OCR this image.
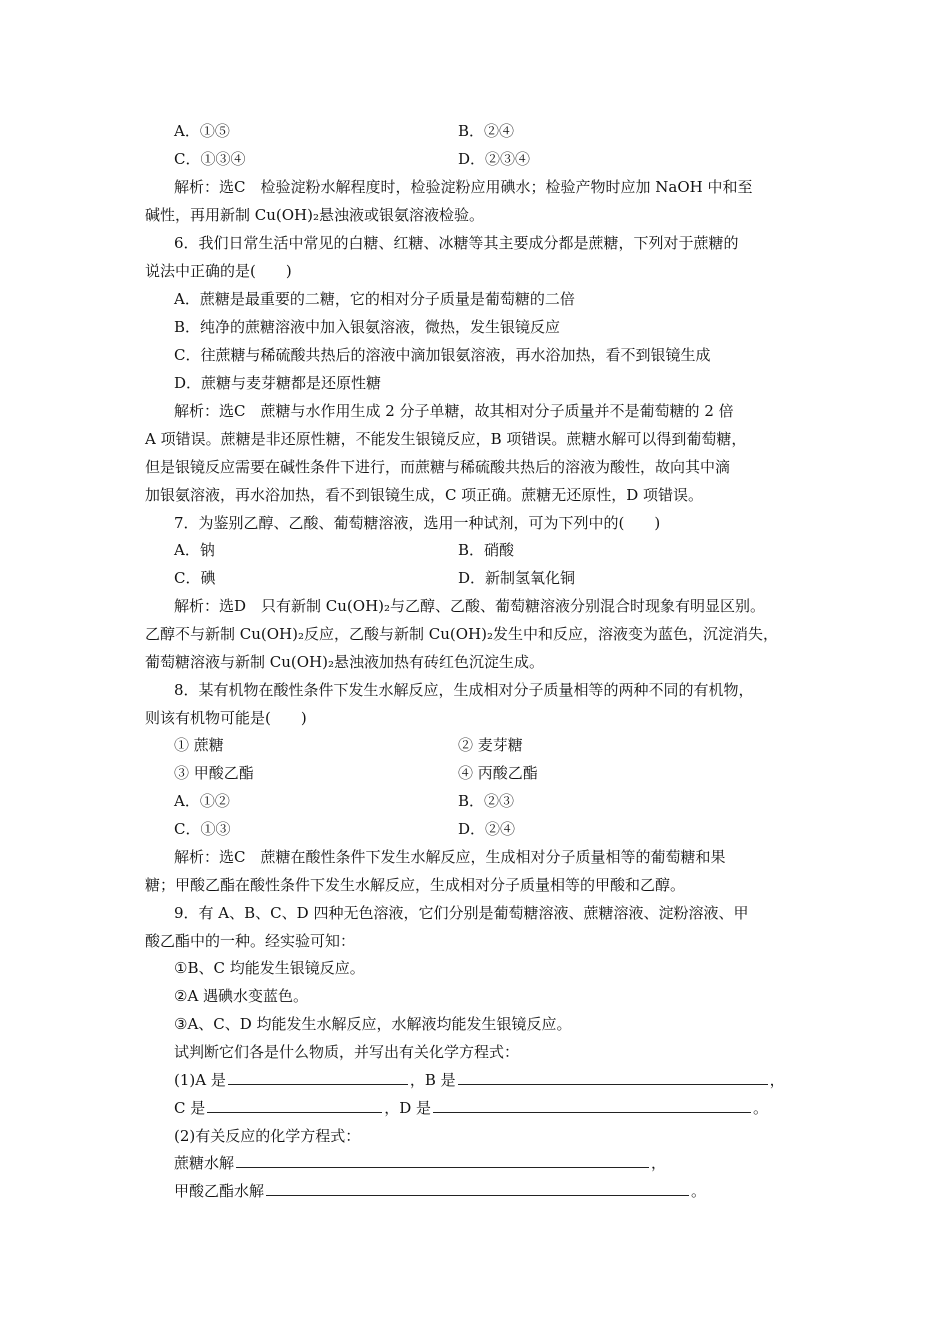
A．①⑤	B．②④
C．①③④	D．②③④
解析：选C　检验淀粉水解程度时，检验淀粉应用碘水；检验产物时应加 NaOH 中和至
碱性，再用新制 Cu(OH)₂悬浊液或银氨溶液检验。
6．我们日常生活中常见的白糖、红糖、冰糖等其主要成分都是蔗糖，下列对于蔗糖的
说法中正确的是(　　)
A．蔗糖是最重要的二糖，它的相对分子质量是葡萄糖的二倍
B．纯净的蔗糖溶液中加入银氨溶液，微热，发生银镜反应
C．往蔗糖与稀硫酸共热后的溶液中滴加银氨溶液，再水浴加热，看不到银镜生成
D．蔗糖与麦芽糖都是还原性糖
解析：选C　蔗糖与水作用生成 2 分子单糖，故其相对分子质量并不是葡萄糖的 2 倍
A 项错误。蔗糖是非还原性糖，不能发生银镜反应，B 项错误。蔗糖水解可以得到葡萄糖，
但是银镜反应需要在碱性条件下进行，而蔗糖与稀硫酸共热后的溶液为酸性，故向其中滴
加银氨溶液，再水浴加热，看不到银镜生成，C 项正确。蔗糖无还原性，D 项错误。
7．为鉴别乙醇、乙酸、葡萄糖溶液，选用一种试剂，可为下列中的(　　)
A．钠	B．硝酸
C．碘	D．新制氢氧化铜
解析：选D　只有新制 Cu(OH)₂与乙醇、乙酸、葡萄糖溶液分别混合时现象有明显区别。
乙醇不与新制 Cu(OH)₂反应，乙酸与新制 Cu(OH)₂发生中和反应，溶液变为蓝色，沉淀消失，
葡萄糖溶液与新制 Cu(OH)₂悬浊液加热有砖红色沉淀生成。
8．某有机物在酸性条件下发生水解反应，生成相对分子质量相等的两种不同的有机物，
则该有机物可能是(　　)
① 蔗糖	② 麦芽糖
③ 甲酸乙酯	④ 丙酸乙酯
A．①②	B．②③
C．①③	D．②④
解析：选C　蔗糖在酸性条件下发生水解反应，生成相对分子质量相等的葡萄糖和果
糖；甲酸乙酯在酸性条件下发生水解反应，生成相对分子质量相等的甲酸和乙醇。
9．有 A、B、C、D 四种无色溶液，它们分别是葡萄糖溶液、蔗糖溶液、淀粉溶液、甲
酸乙酯中的一种。经实验可知：
①B、C 均能发生银镜反应。
②A 遇碘水变蓝色。
③A、C、D 均能发生水解反应，水解液均能发生银镜反应。
试判断它们各是什么物质，并写出有关化学方程式：
(1)A 是	，B 是	，
C 是	，D 是	。
(2)有关反应的化学方程式：
蔗糖水解	，
甲酸乙酯水解	。
